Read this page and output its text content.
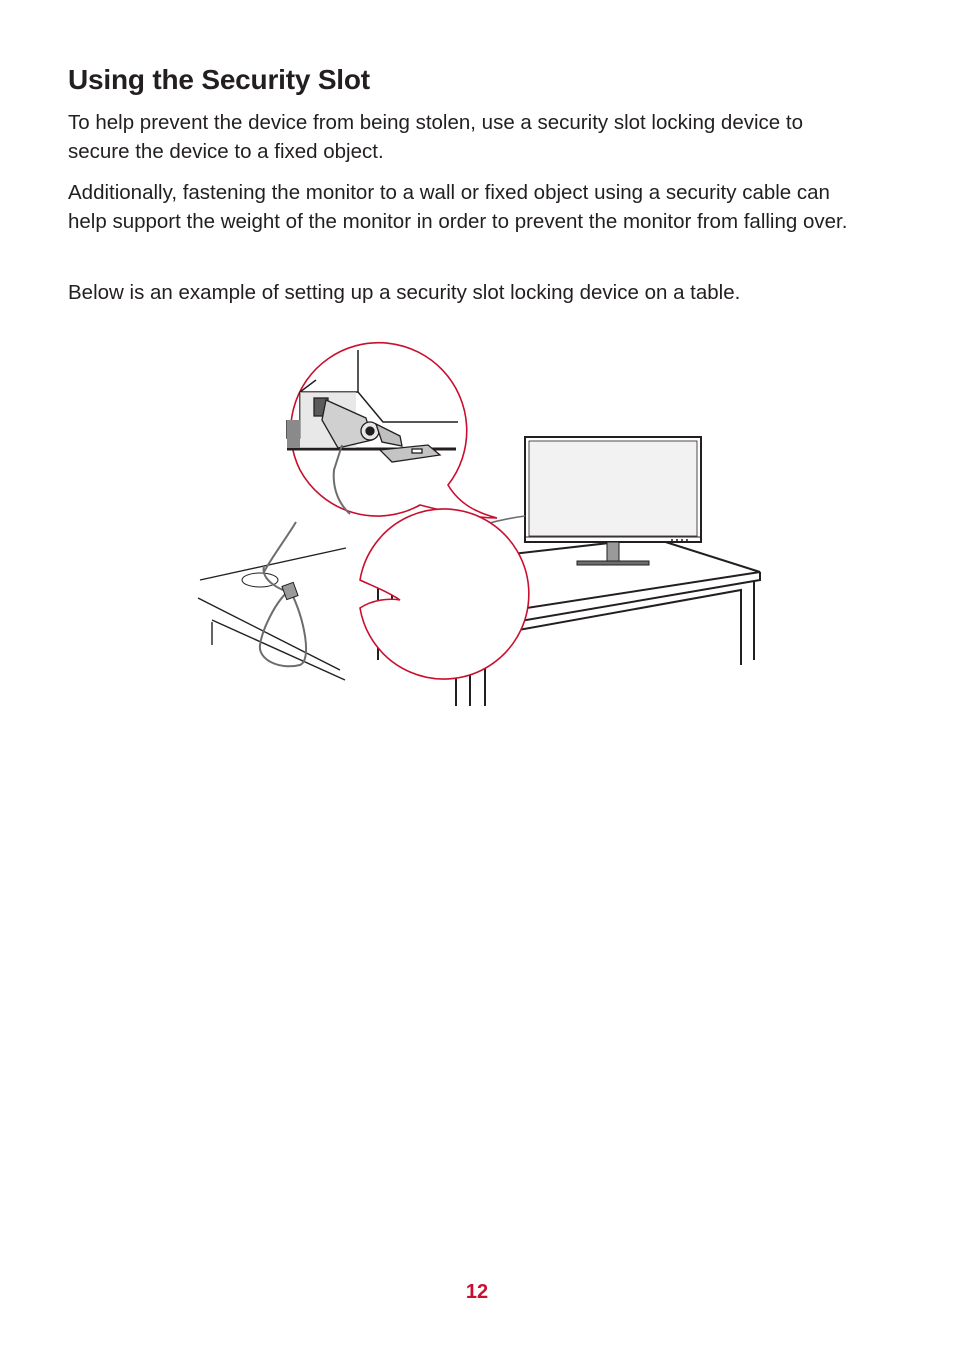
Using the Security Slot

To help prevent the device from being stolen, use a security slot locking device to secure the device to a fixed object.

Additionally, fastening the monitor to a wall or fixed object using a security cable can help support the weight of the monitor in order to prevent the monitor from falling over.

Below is an example of setting up a security slot locking device on a table.

12
